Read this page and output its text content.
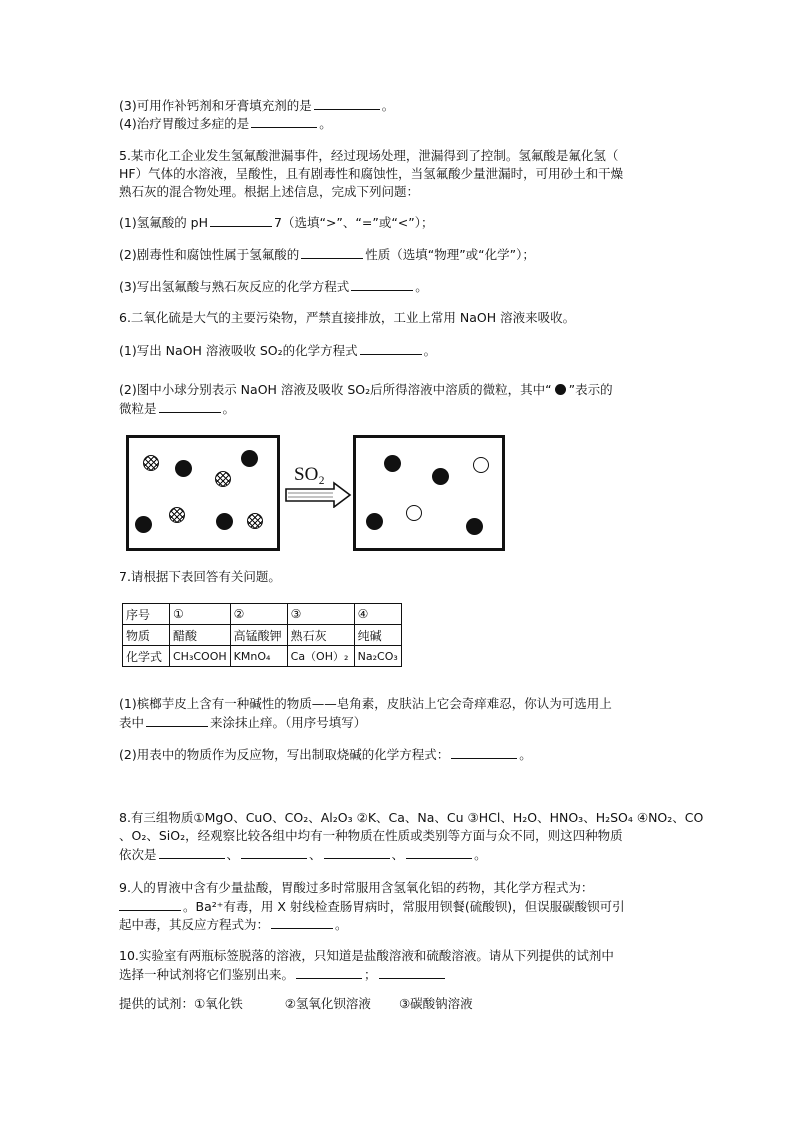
(3)可用作补钙剂和牙膏填充剂的是	。
(4)治疗胃酸过多症的是	。
5.某市化工企业发生氢氟酸泄漏事件，经过现场处理，泄漏得到了控制。氢氟酸是氟化氢（
HF）气体的水溶液，呈酸性，且有剧毒性和腐蚀性，当氢氟酸少量泄漏时，可用砂土和干燥
熟石灰的混合物处理。根据上述信息，完成下列问题：
(1)氢氟酸的 pH	7（选填“>”、“=”或“<”）；
(2)剧毒性和腐蚀性属于氢氟酸的	性质（选填“物理”或“化学”）；
(3)写出氢氟酸与熟石灰反应的化学方程式	。
6.二氧化硫是大气的主要污染物，严禁直接排放，工业上常用 NaOH 溶液来吸收。
(1)写出 NaOH 溶液吸收 SO₂的化学方程式	。
(2)图中小球分别表示 NaOH 溶液及吸收 SO₂后所得溶液中溶质的微粒，其中“ ”表示的
微粒是	。
SO₂
7.请根据下表回答有关问题。
序号	①	②	③	④
物质	醋酸	高锰酸钾	熟石灰	纯碱
化学式	CH₃COOH	KMnO₄	Ca（OH）₂	Na₂CO₃
(1)槟榔芋皮上含有一种碱性的物质——皂角素，皮肤沾上它会奇痒难忍，你认为可选用上
表中	来涂抹止痒。（用序号填写）
(2)用表中的物质作为反应物，写出制取烧碱的化学方程式：	。
8.有三组物质①MgO、CuO、CO₂、Al₂O₃ ②K、Ca、Na、Cu ③HCl、H₂O、HNO₃、H₂SO₄ ④NO₂、CO
、O₂、SiO₂，经观察比较各组中均有一种物质在性质或类别等方面与众不同，则这四种物质
依次是	、	、	、	。
9.人的胃液中含有少量盐酸，胃酸过多时常服用含氢氧化铝的药物，其化学方程式为：
。Ba²⁺有毒，用 X 射线检查肠胃病时，常服用钡餐(硫酸钡)，但误服碳酸钡可引
起中毒，其反应方程式为：	。
10.实验室有两瓶标签脱落的溶液，只知道是盐酸溶液和硫酸溶液。请从下列提供的试剂中
选择一种试剂将它们鉴别出来。	；
提供的试剂：①氧化铁	②氢氧化钡溶液 ③碳酸钠溶液
